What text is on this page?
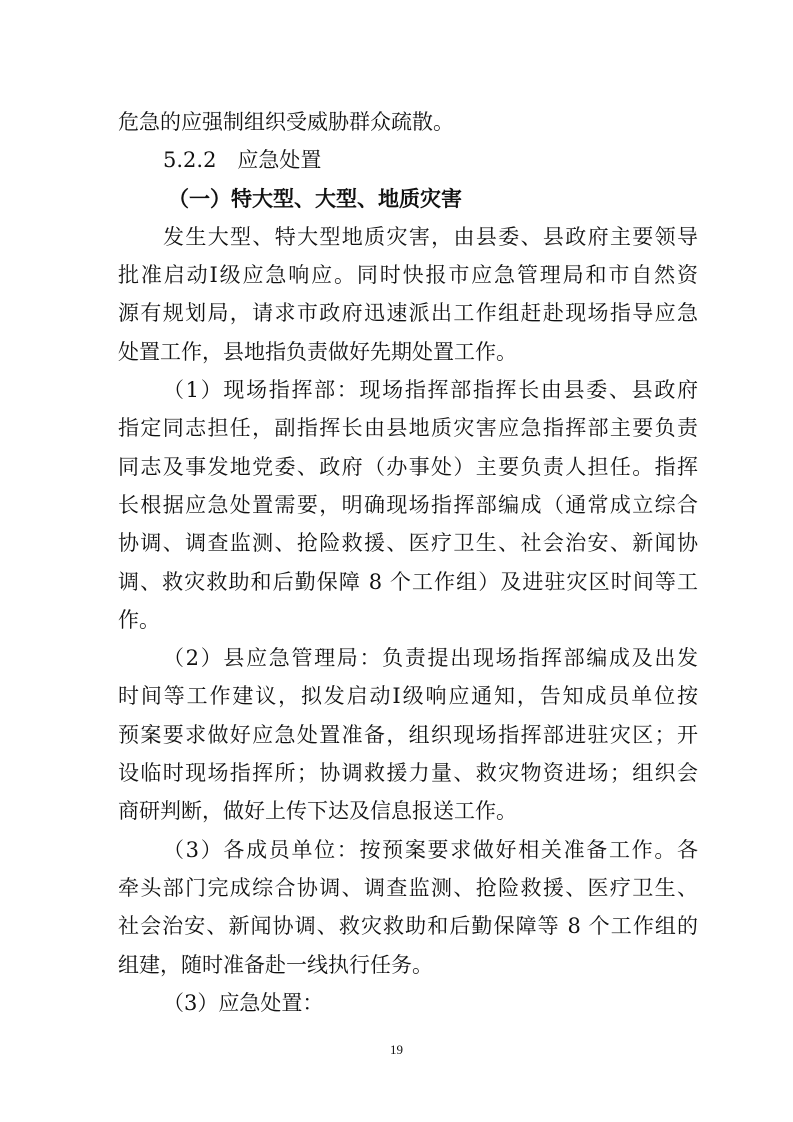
危急的应强制组织受威胁群众疏散。
5.2.2　应急处置
（一）特大型、大型、地质灾害
发生大型、特大型地质灾害，由县委、县政府主要领导
批准启动Ⅰ级应急响应。同时快报市应急管理局和市自然资
源有规划局，请求市政府迅速派出工作组赶赴现场指导应急
处置工作，县地指负责做好先期处置工作。
（1）现场指挥部：现场指挥部指挥长由县委、县政府
指定同志担任，副指挥长由县地质灾害应急指挥部主要负责
同志及事发地党委、政府（办事处）主要负责人担任。指挥
长根据应急处置需要，明确现场指挥部编成（通常成立综合
协调、调查监测、抢险救援、医疗卫生、社会治安、新闻协
调、救灾救助和后勤保障 8 个工作组）及进驻灾区时间等工
作。
（2）县应急管理局：负责提出现场指挥部编成及出发
时间等工作建议，拟发启动Ⅰ级响应通知，告知成员单位按
预案要求做好应急处置准备，组织现场指挥部进驻灾区；开
设临时现场指挥所；协调救援力量、救灾物资进场；组织会
商研判断，做好上传下达及信息报送工作。
（3）各成员单位：按预案要求做好相关准备工作。各
牵头部门完成综合协调、调查监测、抢险救援、医疗卫生、
社会治安、新闻协调、救灾救助和后勤保障等 8 个工作组的
组建，随时准备赴一线执行任务。
（3）应急处置：
19
